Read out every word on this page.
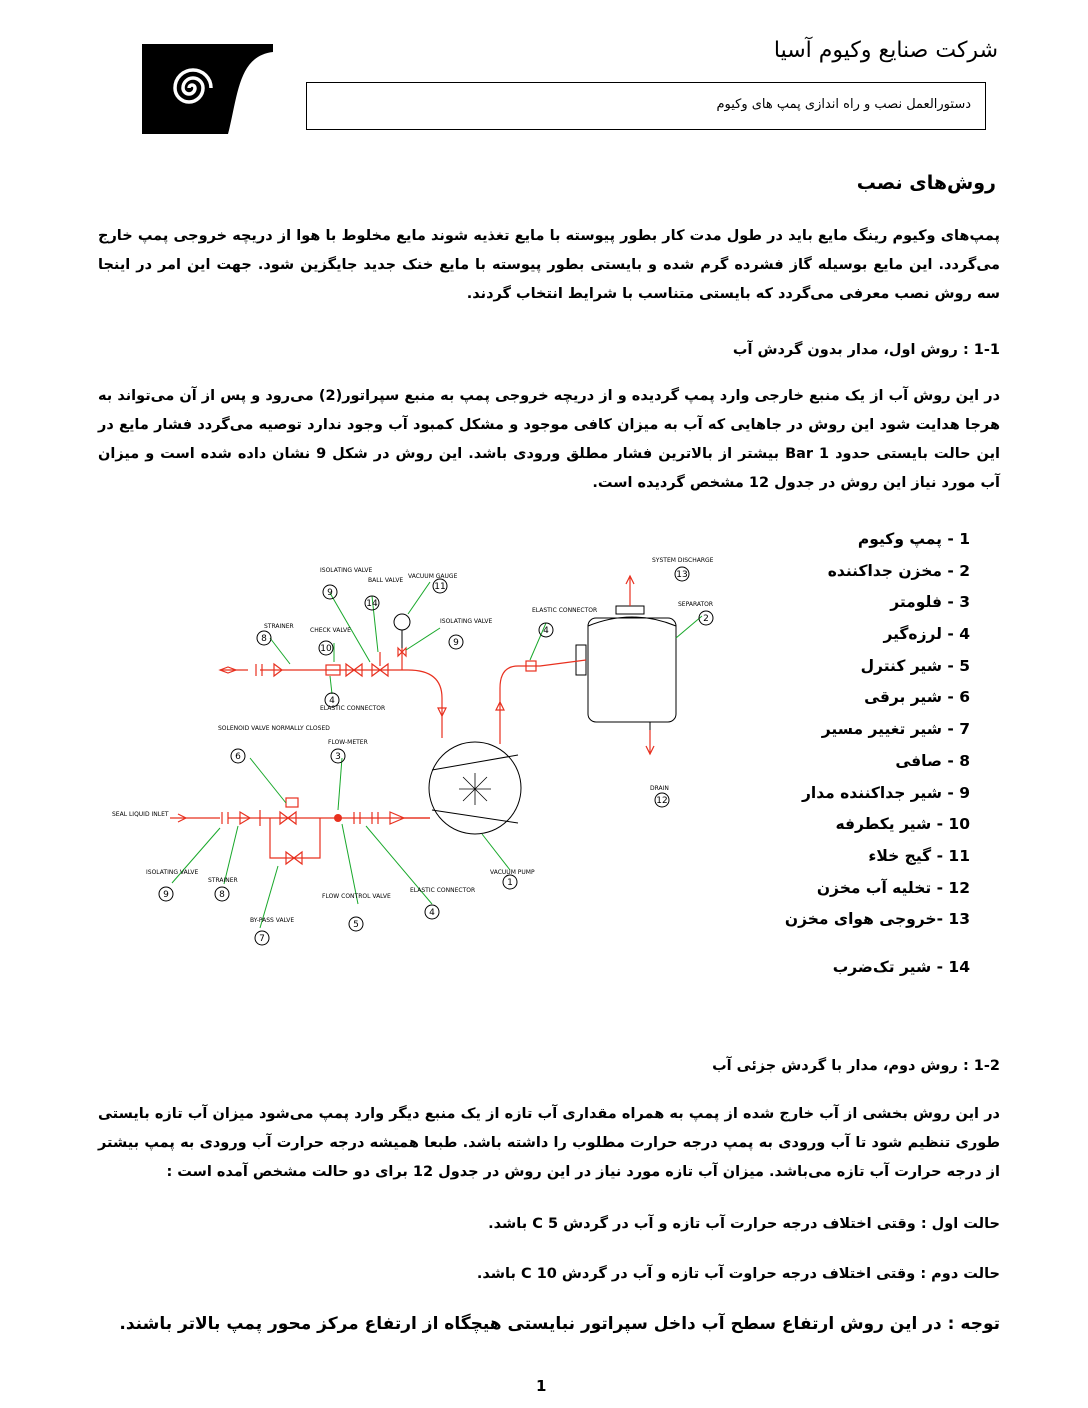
شرکت صنایع وکیوم آسیا
دستورالعمل نصب و راه اندازی پمپ های وکیوم
روش‌های نصب
پمپ‌های وکیوم رینگ مایع باید در طول مدت کار بطور پیوسته با مایع تغذیه شوند مایع مخلوط با هوا از دریچه خروجی پمپ خارج می‌گردد. این مایع بوسیله گاز فشرده گرم شده و بایستی بطور پیوسته با مایع خنک جدید جایگزین شود. جهت این امر در اینجا سه روش نصب معرفی می‌گردد که بایستی متناسب با شرایط انتخاب گردند.
1-1 : روش اول، مدار بدون گردش آب
در این روش آب از یک منبع خارجی وارد پمپ گردیده و از دریچه خروجی پمپ به منبع سپراتور(2) می‌رود و پس از آن می‌تواند به هرجا هدایت شود این روش در جاهایی که آب به میزان کافی موجود و مشکل کمبود آب وجود ندارد توصیه می‌گردد فشار مایع در این حالت بایستی حدود 1 Bar بیشتر از بالاترین فشار مطلق ورودی باشد. این روش در شکل 9 نشان داده شده است و میزان آب مورد نیاز این روش در جدول 12 مشخص گردیده است.
1 - پمپ وکیوم
2 - مخزن جداکننده
3 - فلومتر
4 - لرزه‌گیر
5 - شیر کنترل
6 - شیر برقی
7 - شیر تغییر مسیر
8 - صافی
9 - شیر جداکننده مدار
10 - شیر یکطرفه
11 - گیج خلاء
12 - تخلیه آب مخزن
13 -خروجی هوای مخزن
14 - شیر تک‌ضرب
ISOLATING VALVE
BALL VALVE
VACUUM GAUGE
ISOLATING VALVE
STRAINER
CHECK VALVE
ELASTIC CONNECTOR
ELASTIC CONNECTOR
SYSTEM DISCHARGE
SEPARATOR
SOLENOID VALVE NORMALLY CLOSED
FLOW-METER
DRAIN
SEAL LIQUID INLET
VACUUM PUMP
ISOLATING VALVE
STRAINER
BY-PASS VALVE
FLOW CONTROL VALVE
ELASTIC CONNECTOR
9
14
11
9
8
10
4
4
13
2
6	3
12
1
9	8
7
5
4
1-2 : روش دوم، مدار با گردش جزئی آب
در این روش بخشی از آب خارج شده از پمپ به همراه مقداری آب تازه از یک منبع دیگر وارد پمپ می‌شود میزان آب تازه بایستی طوری تنظیم شود تا آب ورودی به پمپ درجه حرارت مطلوب را داشته باشد. طبعا همیشه درجه حرارت آب ورودی به پمپ بیشتر از درجه حرارت آب تازه می‌باشد. میزان آب تازه مورد نیاز در این روش در جدول 12 برای دو حالت مشخص آمده است :
حالت اول : وقتی اختلاف درجه حرارت آب تازه و آب در گردش 5 C باشد.
حالت دوم : وقتی اختلاف درجه حراوت آب تازه و آب در گردش 10 C باشد.
توجه : در این روش ارتفاع سطح آب داخل سپراتور نبایستی هیچگاه از ارتفاع مرکز محور پمپ بالاتر باشند.
1
